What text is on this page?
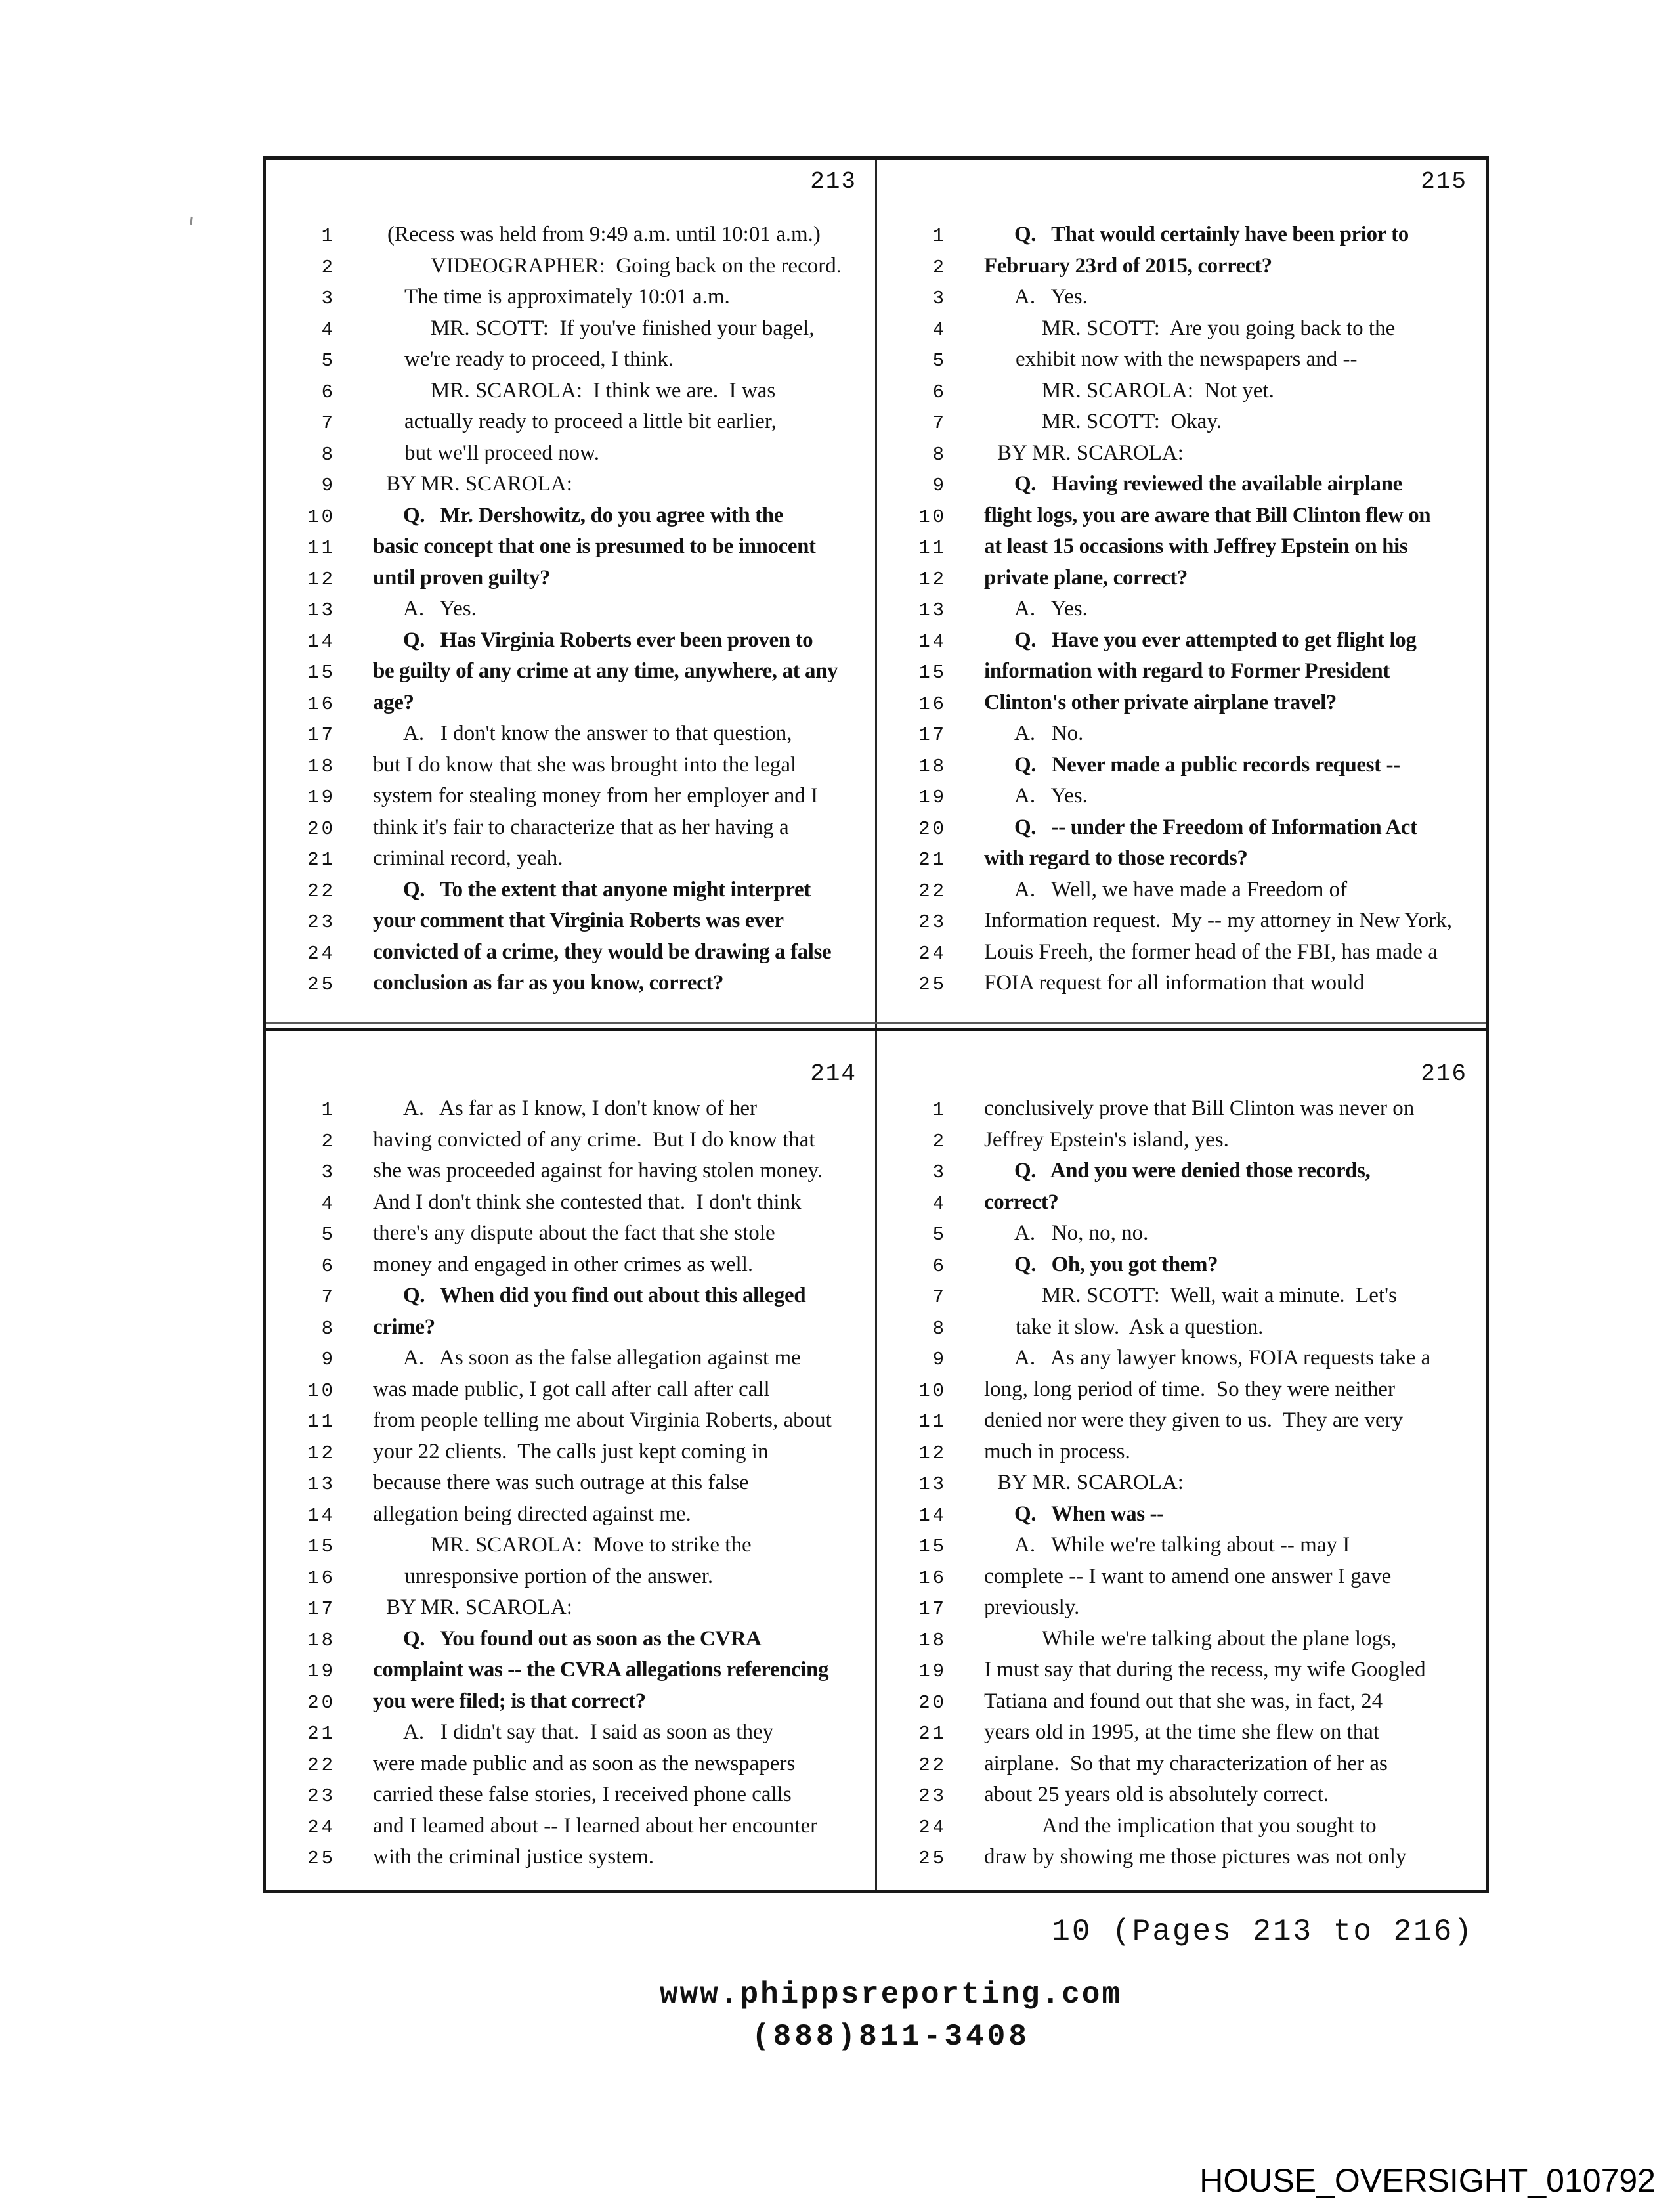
213
1 (Recess was held from 9:49 a.m. until 10:01 a.m.)
2	VIDEOGRAPHER:  Going back on the record.
3	The time is approximately 10:01 a.m.
4	MR. SCOTT:  If you've finished your bagel,
5	we're ready to proceed, I think.
6	MR. SCAROLA:  I think we are.  I was
7	actually ready to proceed a little bit earlier,
8	but we'll proceed now.
9 BY MR. SCAROLA:
10	Q.   Mr. Dershowitz, do you agree with the
11 basic concept that one is presumed to be innocent
12 until proven guilty?
13	A.   Yes.
14	Q.   Has Virginia Roberts ever been proven to
15 be guilty of any crime at any time, anywhere, at any
16 age?
17	A.   I don't know the answer to that question,
18 but I do know that she was brought into the legal
19 system for stealing money from her employer and I
20 think it's fair to characterize that as her having a
21 criminal record, yeah.
22	Q.   To the extent that anyone might interpret
23 your comment that Virginia Roberts was ever
24 convicted of a crime, they would be drawing a false
25 conclusion as far as you know, correct?
215
1	Q.   That would certainly have been prior to
2 February 23rd of 2015, correct?
3	A.   Yes.
4	MR. SCOTT:  Are you going back to the
5	exhibit now with the newspapers and --
6	MR. SCAROLA:  Not yet.
7	MR. SCOTT:  Okay.
8 BY MR. SCAROLA:
9	Q.   Having reviewed the available airplane
10 flight logs, you are aware that Bill Clinton flew on
11 at least 15 occasions with Jeffrey Epstein on his
12 private plane, correct?
13	A.   Yes.
14	Q.   Have you ever attempted to get flight log
15 information with regard to Former President
16 Clinton's other private airplane travel?
17	A.   No.
18	Q.   Never made a public records request --
19	A.   Yes.
20	Q.   -- under the Freedom of Information Act
21 with regard to those records?
22	A.   Well, we have made a Freedom of
23 Information request.  My -- my attorney in New York,
24 Louis Freeh, the former head of the FBI, has made a
25 FOIA request for all information that would
214
1	A.   As far as I know, I don't know of her
2 having convicted of any crime.  But I do know that
3 she was proceeded against for having stolen money.
4 And I don't think she contested that.  I don't think
5 there's any dispute about the fact that she stole
6 money and engaged in other crimes as well.
7	Q.   When did you find out about this alleged
8 crime?
9	A.   As soon as the false allegation against me
10 was made public, I got call after call after call
11 from people telling me about Virginia Roberts, about
12 your 22 clients.  The calls just kept coming in
13 because there was such outrage at this false
14 allegation being directed against me.
15	MR. SCAROLA:  Move to strike the
16	unresponsive portion of the answer.
17 BY MR. SCAROLA:
18	Q.   You found out as soon as the CVRA
19 complaint was -- the CVRA allegations referencing
20 you were filed; is that correct?
21	A.   I didn't say that.  I said as soon as they
22 were made public and as soon as the newspapers
23 carried these false stories, I received phone calls
24 and I leamed about -- I learned about her encounter
25 with the criminal justice system.
216
1 conclusively prove that Bill Clinton was never on
2 Jeffrey Epstein's island, yes.
3	Q.   And you were denied those records,
4 correct?
5	A.   No, no, no.
6	Q.   Oh, you got them?
7	MR. SCOTT:  Well, wait a minute.  Let's
8	take it slow.  Ask a question.
9	A.   As any lawyer knows, FOIA requests take a
10 long, long period of time.  So they were neither
11 denied nor were they given to us.  They are very
12 much in process.
13 BY MR. SCAROLA:
14	Q.   When was --
15	A.   While we're talking about -- may I
16 complete -- I want to amend one answer I gave
17 previously.
18	While we're talking about the plane logs,
19 I must say that during the recess, my wife Googled
20 Tatiana and found out that she was, in fact, 24
21 years old in 1995, at the time she flew on that
22 airplane.  So that my characterization of her as
23 about 25 years old is absolutely correct.
24	And the implication that you sought to
25 draw by showing me those pictures was not only
10 (Pages 213 to 216)
www.phippsreporting.com
(888)811-3408
HOUSE_OVERSIGHT_010792
